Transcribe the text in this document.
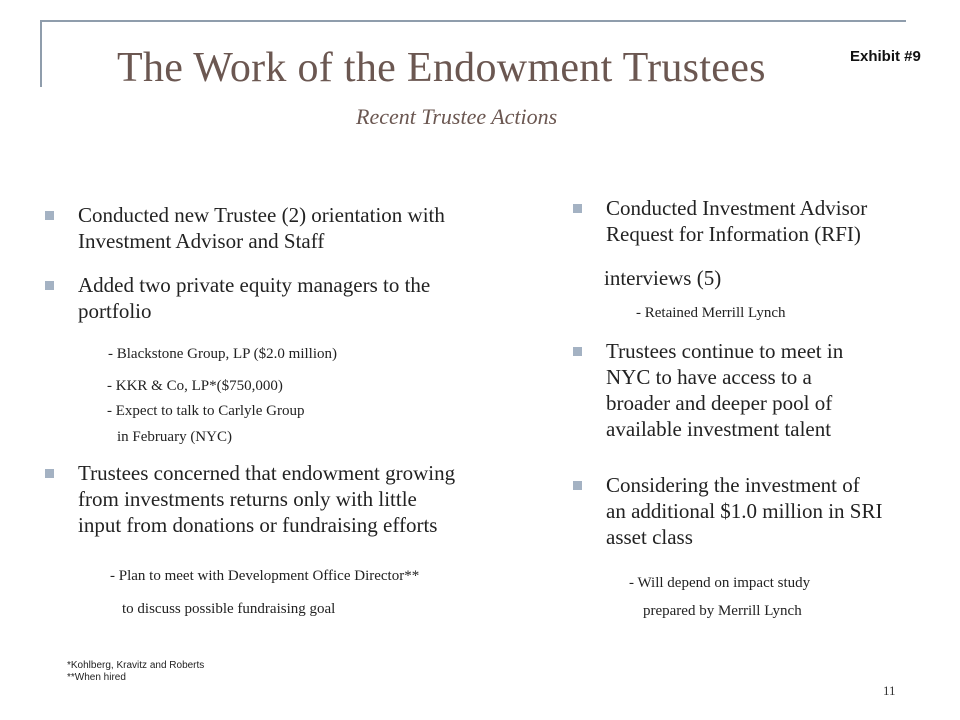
Exhibit #9
The Work of the Endowment Trustees
Recent Trustee Actions
Conducted new Trustee (2) orientation with
Investment Advisor and Staff
Added two private equity managers to the
portfolio
- Blackstone Group, LP ($2.0 million)
- KKR & Co, LP*($750,000)
- Expect to talk to Carlyle Group
in February (NYC)
Trustees concerned that endowment growing
from investments returns only with little
input from donations or fundraising efforts
- Plan to meet with Development Office Director**
to discuss possible fundraising goal
Conducted Investment Advisor
Request for Information (RFI)
interviews (5)
- Retained Merrill Lynch
Trustees continue to meet in
NYC to have access to a
broader and deeper pool of
available investment talent
Considering the investment of
an additional $1.0 million in SRI
asset class
- Will depend on impact study
prepared by Merrill Lynch
*Kohlberg, Kravitz and Roberts
**When hired
11
